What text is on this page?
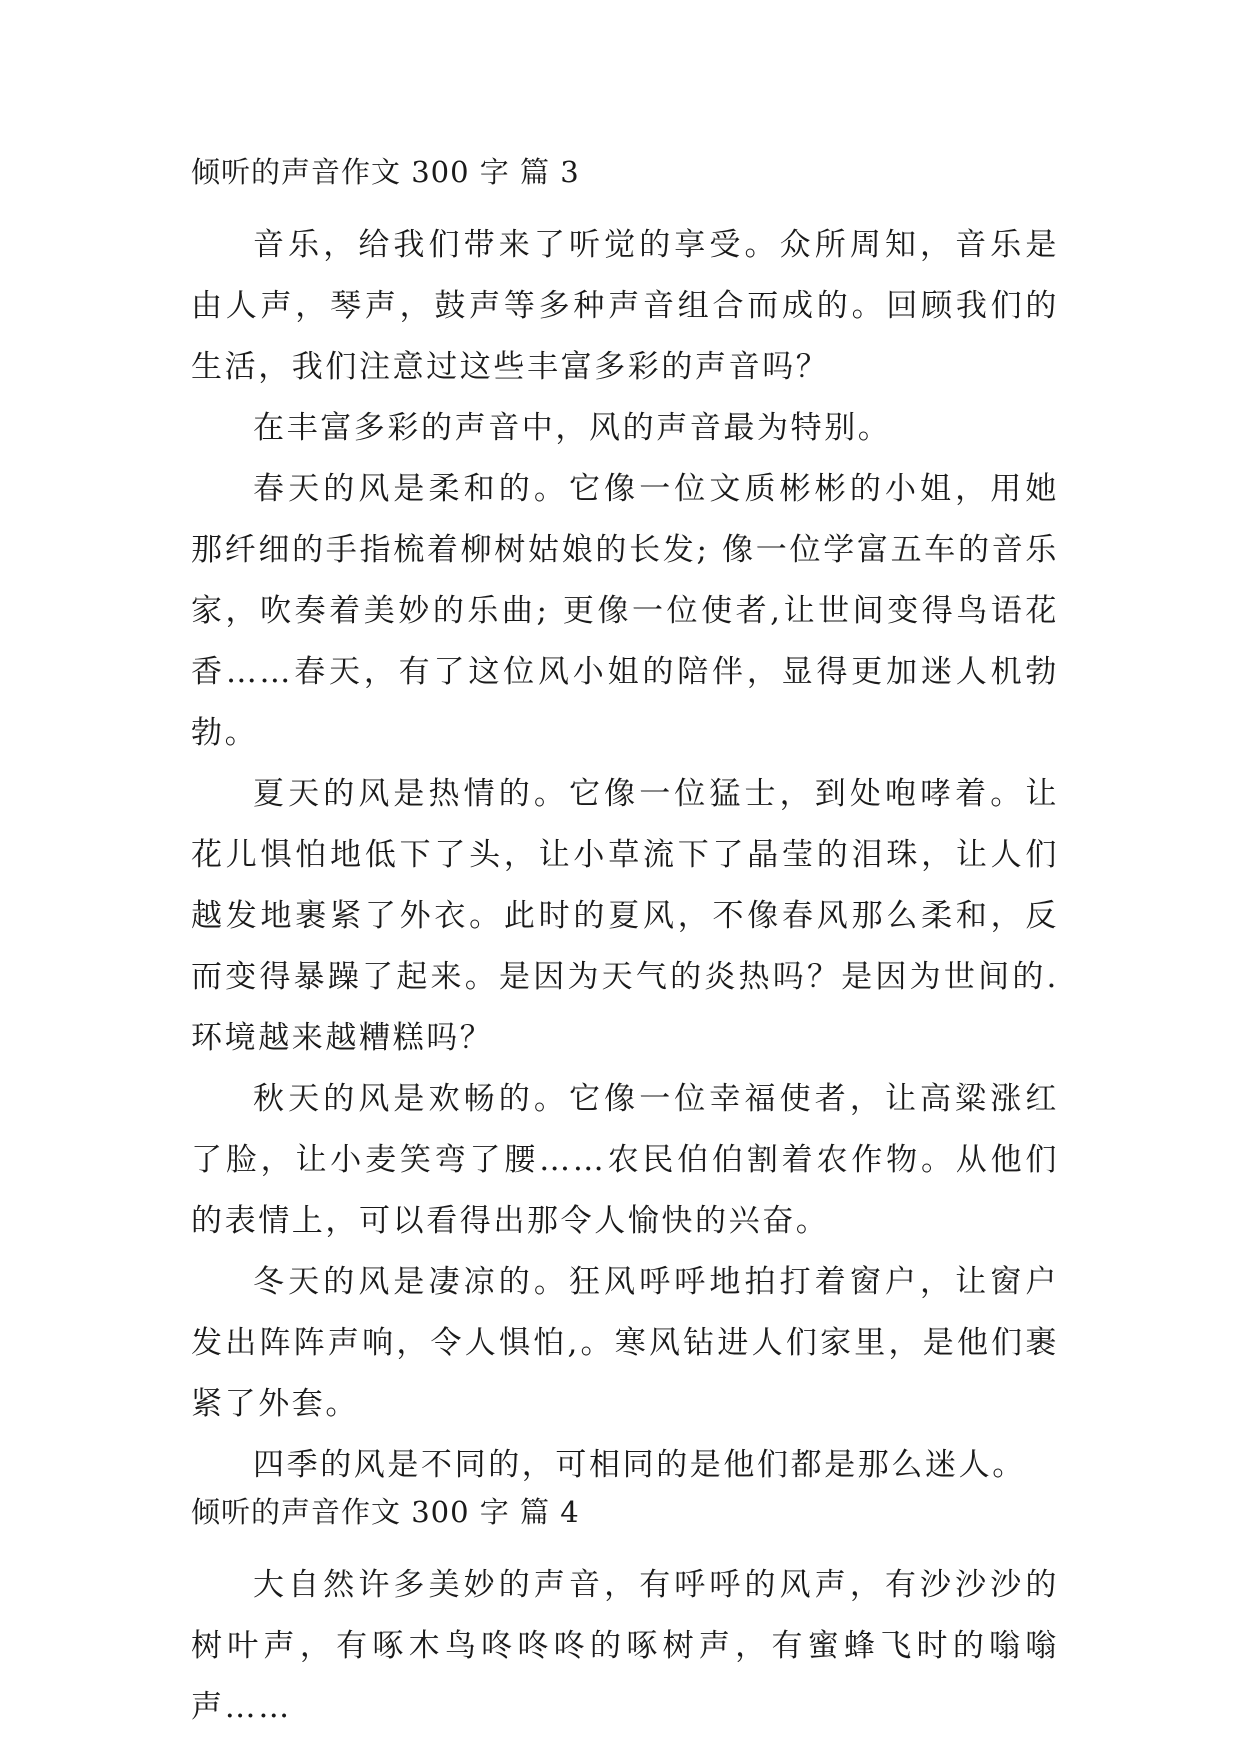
倾听的声音作文 300 字 篇 3

音乐，给我们带来了听觉的享受。众所周知，音乐是由人声，琴声，鼓声等多种声音组合而成的。回顾我们的生活，我们注意过这些丰富多彩的声音吗？

在丰富多彩的声音中，风的声音最为特别。

春天的风是柔和的。它像一位文质彬彬的小姐，用她那纤细的手指梳着柳树姑娘的长发; 像一位学富五车的音乐家，吹奏着美妙的乐曲; 更像一位使者,让世间变得鸟语花香……春天，有了这位风小姐的陪伴，显得更加迷人机勃勃。

夏天的风是热情的。它像一位猛士，到处咆哮着。让花儿惧怕地低下了头，让小草流下了晶莹的泪珠，让人们越发地裹紧了外衣。此时的夏风，不像春风那么柔和，反而变得暴躁了起来。是因为天气的炎热吗？是因为世间的.环境越来越糟糕吗？

秋天的风是欢畅的。它像一位幸福使者，让高粱涨红了脸，让小麦笑弯了腰……农民伯伯割着农作物。从他们的表情上，可以看得出那令人愉快的兴奋。

冬天的风是凄凉的。狂风呼呼地拍打着窗户，让窗户发出阵阵声响，令人惧怕,。寒风钻进人们家里，是他们裹紧了外套。

四季的风是不同的，可相同的是他们都是那么迷人。

倾听的声音作文 300 字 篇 4

大自然许多美妙的声音，有呼呼的风声，有沙沙沙的树叶声，有啄木鸟咚咚咚的啄树声，有蜜蜂飞时的嗡嗡声……
